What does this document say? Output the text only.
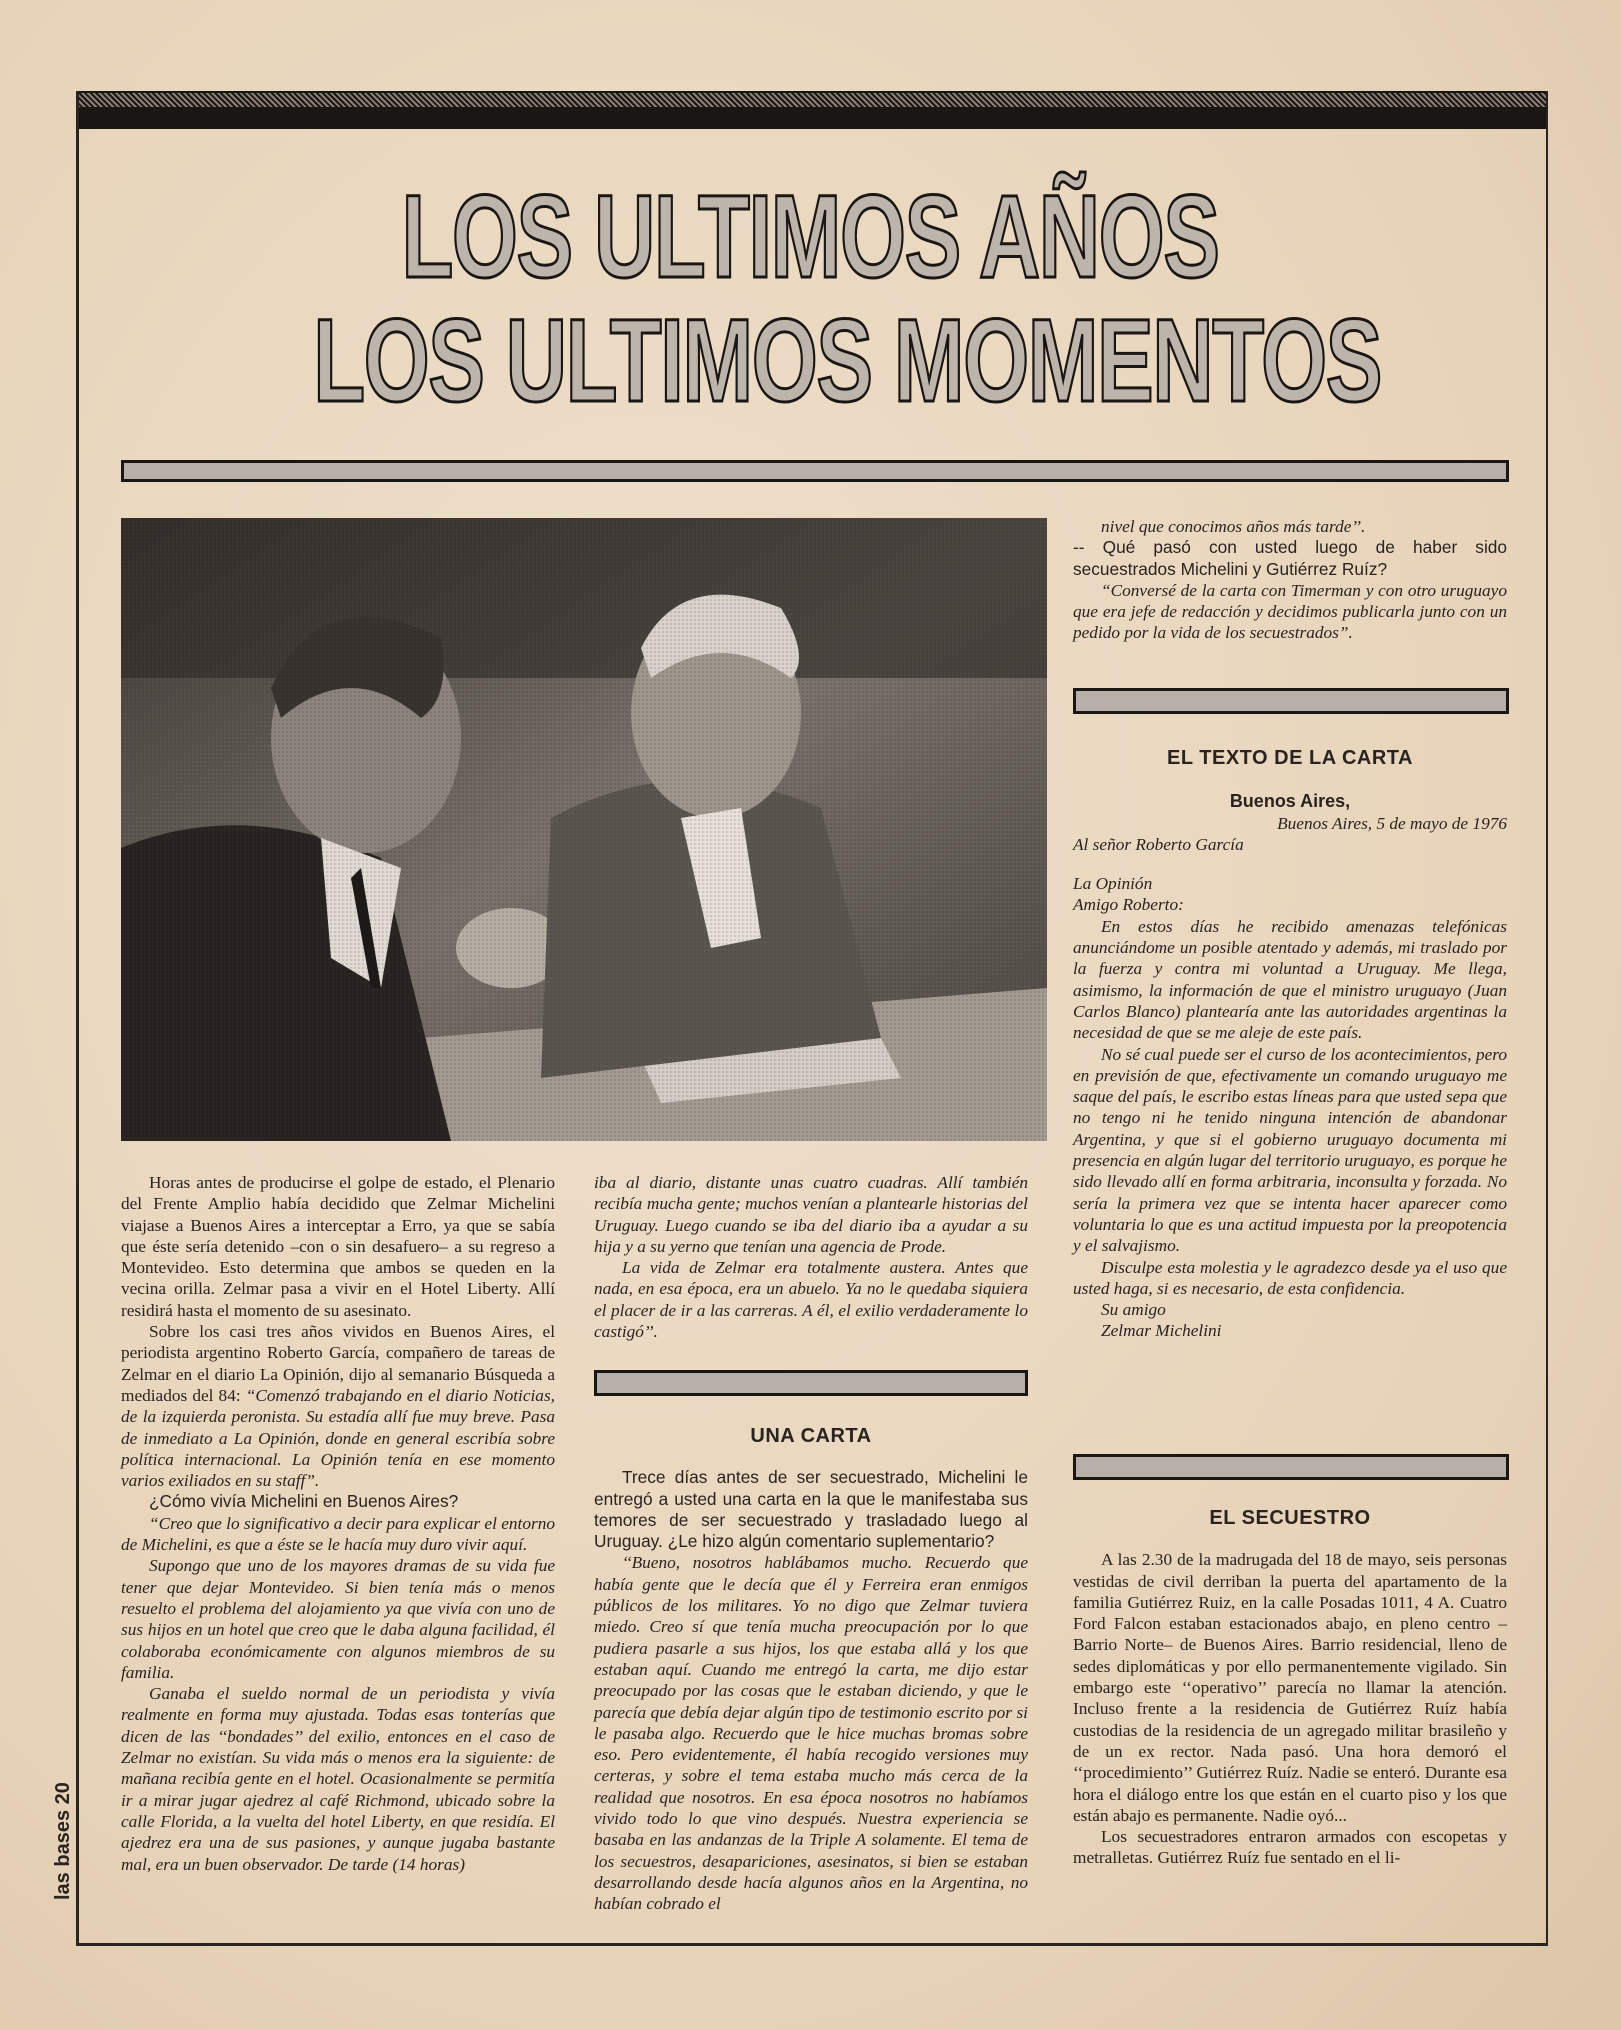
LOS ULTIMOS AÑOS
LOS ULTIMOS MOMENTOS

Horas antes de producirse el golpe de estado, el Plenario del Frente Amplio había decidido que Zelmar Michelini viajase a Buenos Aires a interceptar a Erro, ya que se sabía que éste sería detenido –con o sin desafuero– a su regreso a Montevideo. Esto determina que ambos se queden en la vecina orilla. Zelmar pasa a vivir en el Hotel Liberty. Allí residirá hasta el momento de su asesinato.

Sobre los casi tres años vividos en Buenos Aires, el periodista argentino Roberto García, compañero de tareas de Zelmar en el diario La Opinión, dijo al semanario Búsqueda a mediados del 84: “Comenzó trabajando en el diario Noticias, de la izquierda peronista. Su estadía allí fue muy breve. Pasa de inmediato a La Opinión, donde en general escribía sobre política internacional. La Opinión tenía en ese momento varios exiliados en su staff”.

¿Cómo vivía Michelini en Buenos Aires?

“Creo que lo significativo a decir para explicar el entorno de Michelini, es que a éste se le hacía muy duro vivir aquí.

Supongo que uno de los mayores dramas de su vida fue tener que dejar Montevideo. Si bien tenía más o menos resuelto el problema del alojamiento ya que vivía con uno de sus hijos en un hotel que creo que le daba alguna facilidad, él colaboraba económicamente con algunos miembros de su familia.

Ganaba el sueldo normal de un periodista y vivía realmente en forma muy ajustada. Todas esas tonterías que dicen de las ‘‘bondades’’ del exilio, entonces en el caso de Zelmar no existían. Su vida más o menos era la siguiente: de mañana recibía gente en el hotel. Ocasionalmente se permitía ir a mirar jugar ajedrez al café Richmond, ubicado sobre la calle Florida, a la vuelta del hotel Liberty, en que residía. El ajedrez era una de sus pasiones, y aunque jugaba bastante mal, era un buen observador. De tarde (14 horas)

iba al diario, distante unas cuatro cuadras. Allí también recibía mucha gente; muchos venían a plantearle historias del Uruguay. Luego cuando se iba del diario iba a ayudar a su hija y a su yerno que tenían una agencia de Prode.

La vida de Zelmar era totalmente austera. Antes que nada, en esa época, era un abuelo. Ya no le quedaba siquiera el placer de ir a las carreras. A él, el exilio verdaderamente lo castigó’’.

UNA CARTA

Trece días antes de ser secuestrado, Michelini le entregó a usted una carta en la que le manifestaba sus temores de ser secuestrado y trasladado luego al Uruguay. ¿Le hizo algún comentario suplementario?

‘‘Bueno, nosotros hablábamos mucho. Recuerdo que había gente que le decía que él y Ferreira eran enmigos públicos de los militares. Yo no digo que Zelmar tuviera miedo. Creo sí que tenía mucha preocupación por lo que pudiera pasarle a sus hijos, los que estaba allá y los que estaban aquí. Cuando me entregó la carta, me dijo estar preocupado por las cosas que le estaban diciendo, y que le parecía que debía dejar algún tipo de testimonio escrito por si le pasaba algo. Recuerdo que le hice muchas bromas sobre eso. Pero evidentemente, él había recogido versiones muy certeras, y sobre el tema estaba mucho más cerca de la realidad que nosotros. En esa época nosotros no habíamos vivido todo lo que vino después. Nuestra experiencia se basaba en las andanzas de la Triple A solamente. El tema de los secuestros, desapariciones, asesinatos, si bien se estaban desarrollando desde hacía algunos años en la Argentina, no habían cobrado el

nivel que conocimos años más tarde’’.

‐‐ Qué pasó con usted luego de haber sido secuestrados Michelini y Gutiérrez Ruíz?

“Conversé de la carta con Timerman y con otro uruguayo que era jefe de redacción y decidimos publicarla junto con un pedido por la vida de los secuestrados”.

EL TEXTO DE LA CARTA

Buenos Aires,

Buenos Aires, 5 de mayo de 1976

Al señor Roberto García

La Opinión

Amigo Roberto:

En estos días he recibido amenazas telefónicas anunciándome un posible atentado y además, mi traslado por la fuerza y contra mi voluntad a Uruguay. Me llega, asimismo, la información de que el ministro uruguayo (Juan Carlos Blanco) plantearía ante las autoridades argentinas la necesidad de que se me aleje de este país.

No sé cual puede ser el curso de los acontecimientos, pero en previsión de que, efectivamente un comando uruguayo me saque del país, le escribo estas líneas para que usted sepa que no tengo ni he tenido ninguna intención de abandonar Argentina, y que si el gobierno uruguayo documenta mi presencia en algún lugar del territorio uruguayo, es porque he sido llevado allí en forma arbitraria, inconsulta y forzada. No sería la primera vez que se intenta hacer aparecer como voluntaria lo que es una actitud impuesta por la preopotencia y el salvajismo.

Disculpe esta molestia y le agradezco desde ya el uso que usted haga, si es necesario, de esta confidencia.

Su amigo

Zelmar Michelini

EL SECUESTRO

A las 2.30 de la madrugada del 18 de mayo, seis personas vestidas de civil derriban la puerta del apartamento de la familia Gutiérrez Ruiz, en la calle Posadas 1011, 4 A. Cuatro Ford Falcon estaban estacionados abajo, en pleno centro –Barrio Norte– de Buenos Aires. Barrio residencial, lleno de sedes diplomáticas y por ello permanentemente vigilado. Sin embargo este ‘‘operativo’’ parecía no llamar la atención. Incluso frente a la residencia de Gutiérrez Ruíz había custodias de la residencia de un agregado militar brasileño y de un ex rector. Nada pasó. Una hora demoró el ‘‘procedimiento’’ Gutiérrez Ruíz. Nadie se enteró. Durante esa hora el diálogo entre los que están en el cuarto piso y los que están abajo es permanente. Nadie oyó...

Los secuestradores entraron armados con escopetas y metralletas. Gutiérrez Ruíz fue sentado en el li-

las bases 20
